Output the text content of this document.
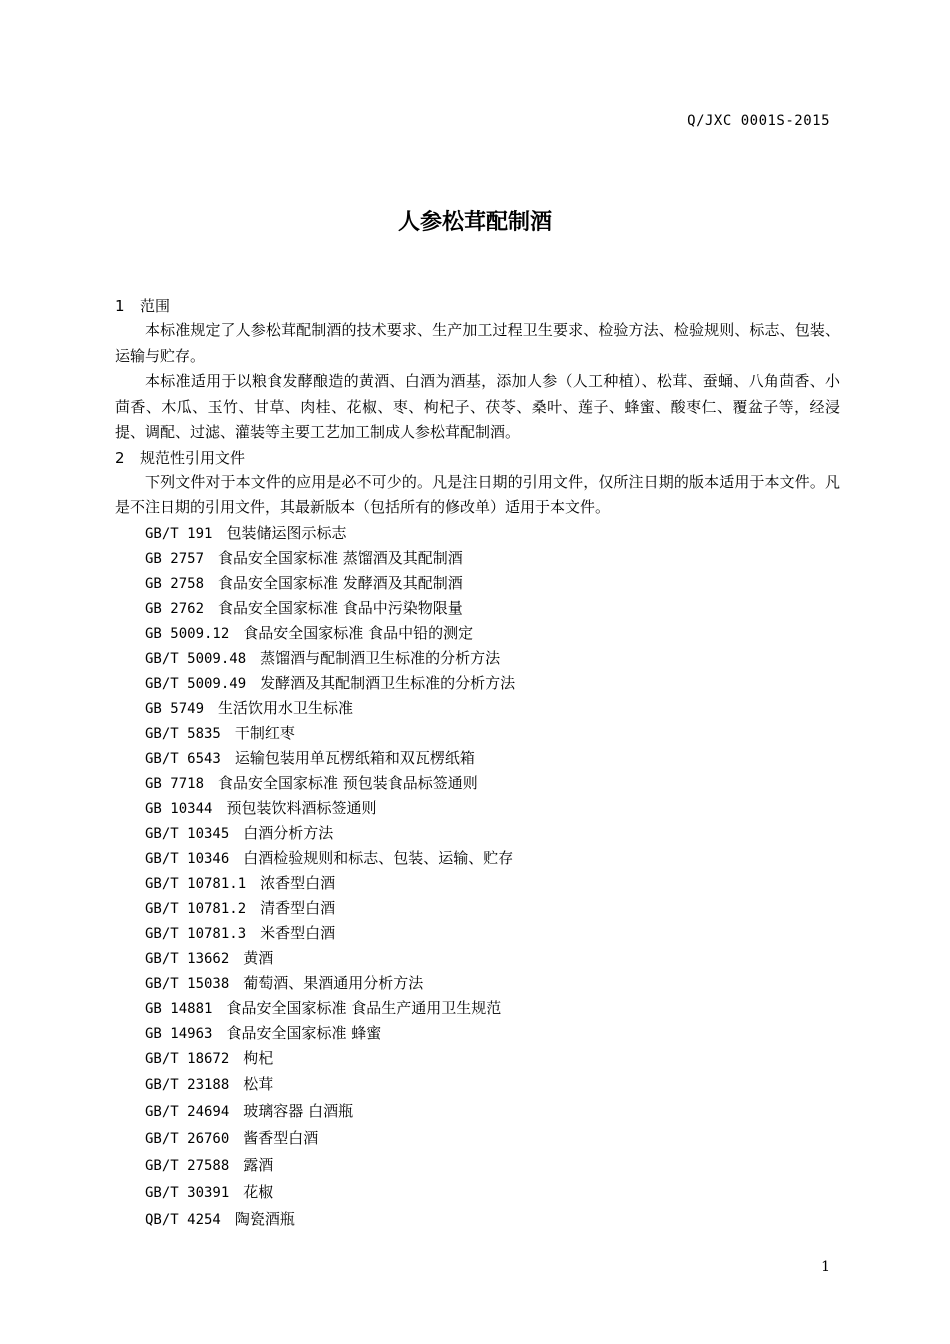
Q/JXC 0001S-2015
人参松茸配制酒
1 范围

本标准规定了人参松茸配制酒的技术要求、生产加工过程卫生要求、检验方法、检验规则、标志、包装、运输与贮存。

本标准适用于以粮食发酵酿造的黄酒、白酒为酒基，添加人参（人工种植）、松茸、蚕蛹、八角茴香、小茴香、木瓜、玉竹、甘草、肉桂、花椒、枣、枸杞子、茯苓、桑叶、莲子、蜂蜜、酸枣仁、覆盆子等，经浸提、调配、过滤、灌装等主要工艺加工制成人参松茸配制酒。

2 规范性引用文件

下列文件对于本文件的应用是必不可少的。凡是注日期的引用文件，仅所注日期的版本适用于本文件。凡是不注日期的引用文件，其最新版本（包括所有的修改单）适用于本文件。

GB/T 191 包装储运图示标志
GB 2757 食品安全国家标准 蒸馏酒及其配制酒
GB 2758 食品安全国家标准 发酵酒及其配制酒
GB 2762 食品安全国家标准 食品中污染物限量
GB 5009.12 食品安全国家标准 食品中铅的测定
GB/T 5009.48 蒸馏酒与配制酒卫生标准的分析方法
GB/T 5009.49 发酵酒及其配制酒卫生标准的分析方法
GB 5749 生活饮用水卫生标准
GB/T 5835 干制红枣
GB/T 6543 运输包装用单瓦楞纸箱和双瓦楞纸箱
GB 7718 食品安全国家标准 预包装食品标签通则
GB 10344 预包装饮料酒标签通则
GB/T 10345 白酒分析方法
GB/T 10346 白酒检验规则和标志、包装、运输、贮存
GB/T 10781.1 浓香型白酒
GB/T 10781.2 清香型白酒
GB/T 10781.3 米香型白酒
GB/T 13662 黄酒
GB/T 15038 葡萄酒、果酒通用分析方法
GB 14881 食品安全国家标准 食品生产通用卫生规范
GB 14963 食品安全国家标准 蜂蜜
GB/T 18672 枸杞
GB/T 23188 松茸
GB/T 24694 玻璃容器 白酒瓶
GB/T 26760 酱香型白酒
GB/T 27588 露酒
GB/T 30391 花椒
QB/T 4254 陶瓷酒瓶
1
